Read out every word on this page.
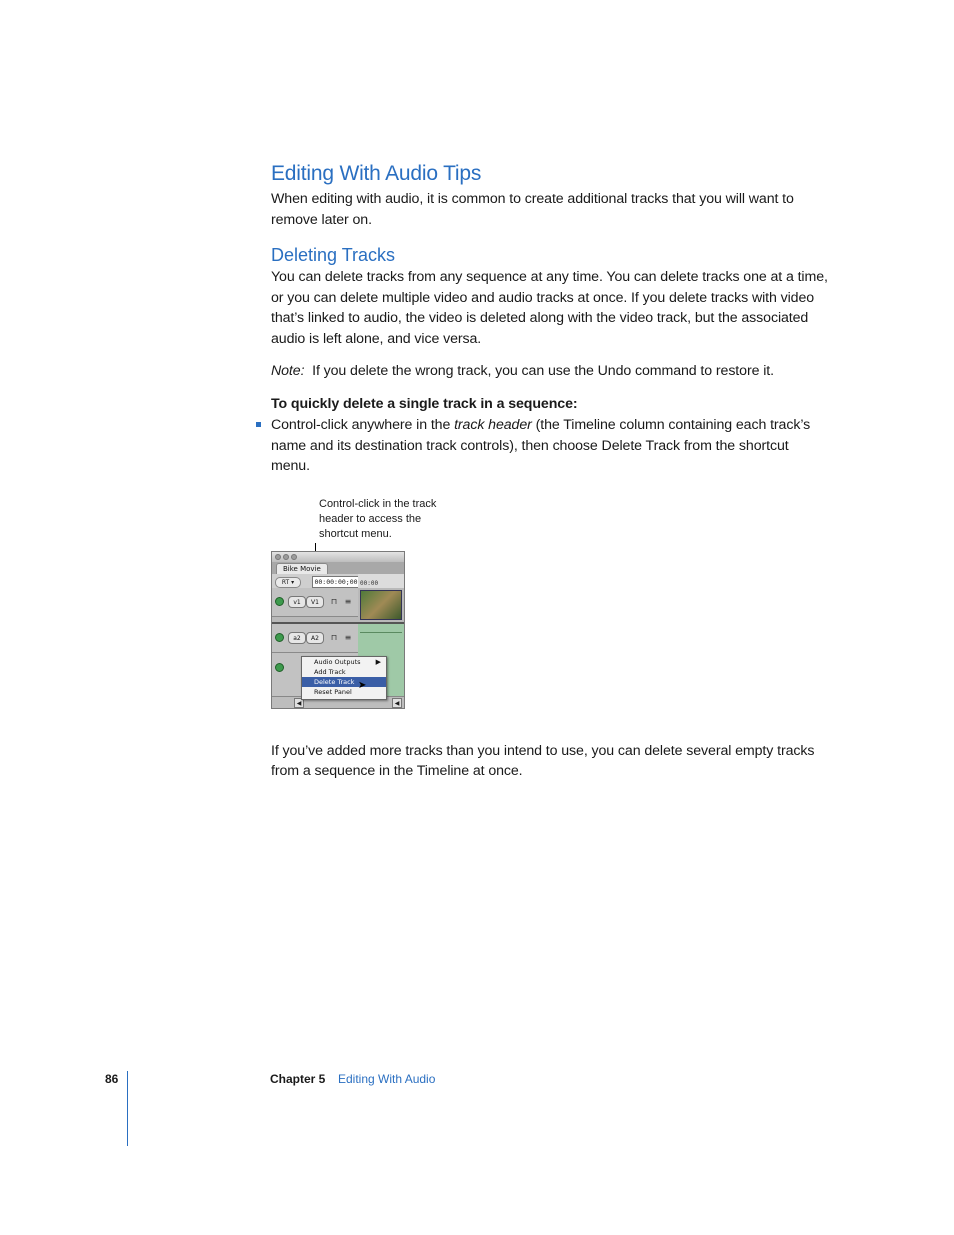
Editing With Audio Tips

When editing with audio, it is common to create additional tracks that you will want to remove later on.

Deleting Tracks

You can delete tracks from any sequence at any time. You can delete tracks one at a time, or you can delete multiple video and audio tracks at once. If you delete tracks with video that’s linked to audio, the video is deleted along with the video track, but the associated audio is left alone, and vice versa.

Note: If you delete the wrong track, you can use the Undo command to restore it.

To quickly delete a single track in a sequence:

Control-click anywhere in the track header (the Timeline column containing each track’s name and its destination track controls), then choose Delete Track from the shortcut menu.

Control-click in the track header to access the shortcut menu.
Bike Movie
RT ▾	00:00:00;00 00:00
v1	V1	⊓ ≡
a2	A2	⊓ ≡
◀	◀
Audio Outputs ▶
Add Track
Delete Track
Reset Panel
➤

If you’ve added more tracks than you intend to use, you can delete several empty tracks from a sequence in the Timeline at once.

86	Chapter 5 Editing With Audio
